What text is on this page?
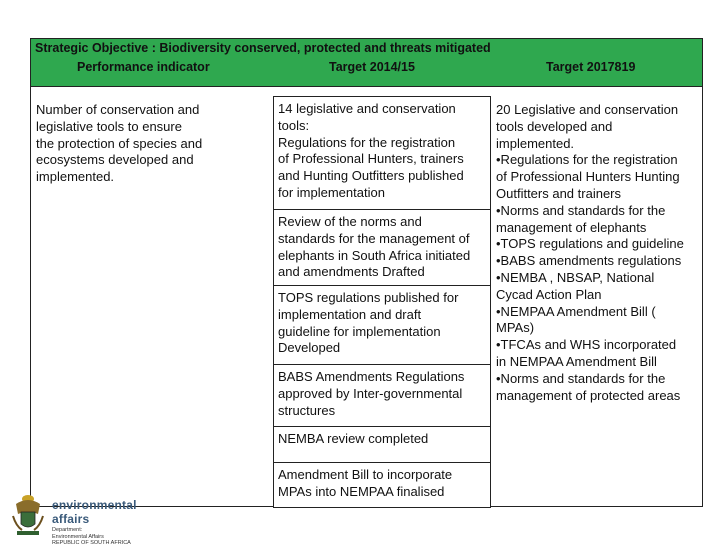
Strategic Objective : Biodiversity conserved, protected and threats mitigated
Performance indicator	Target 2014/15	Target 2017819
Number of conservation and
legislative tools to ensure
the protection of species and
ecosystems developed and
implemented.
14 legislative and conservation
tools:
Regulations for the registration
of Professional Hunters, trainers
and Hunting Outfitters published
for implementation
Review of the norms and
standards for the management of
elephants in South Africa initiated
and amendments Drafted
TOPS regulations published for
implementation and draft
guideline for implementation
Developed
BABS Amendments Regulations
approved by Inter-governmental
structures
NEMBA review completed
Amendment Bill to incorporate
MPAs into NEMPAA finalised
20 Legislative and conservation
tools developed and
implemented.
•Regulations for the registration
of Professional Hunters Hunting
Outfitters and trainers
•Norms and standards for the
management of elephants
•TOPS regulations and guideline
•BABS amendments regulations
•NEMBA , NBSAP, National
Cycad Action Plan
•NEMPAA Amendment Bill (
MPAs)
•TFCAs and WHS incorporated
in NEMPAA Amendment Bill
•Norms and standards for the
management of protected areas
environmental affairs
Department:
Environmental Affairs
REPUBLIC OF SOUTH AFRICA
